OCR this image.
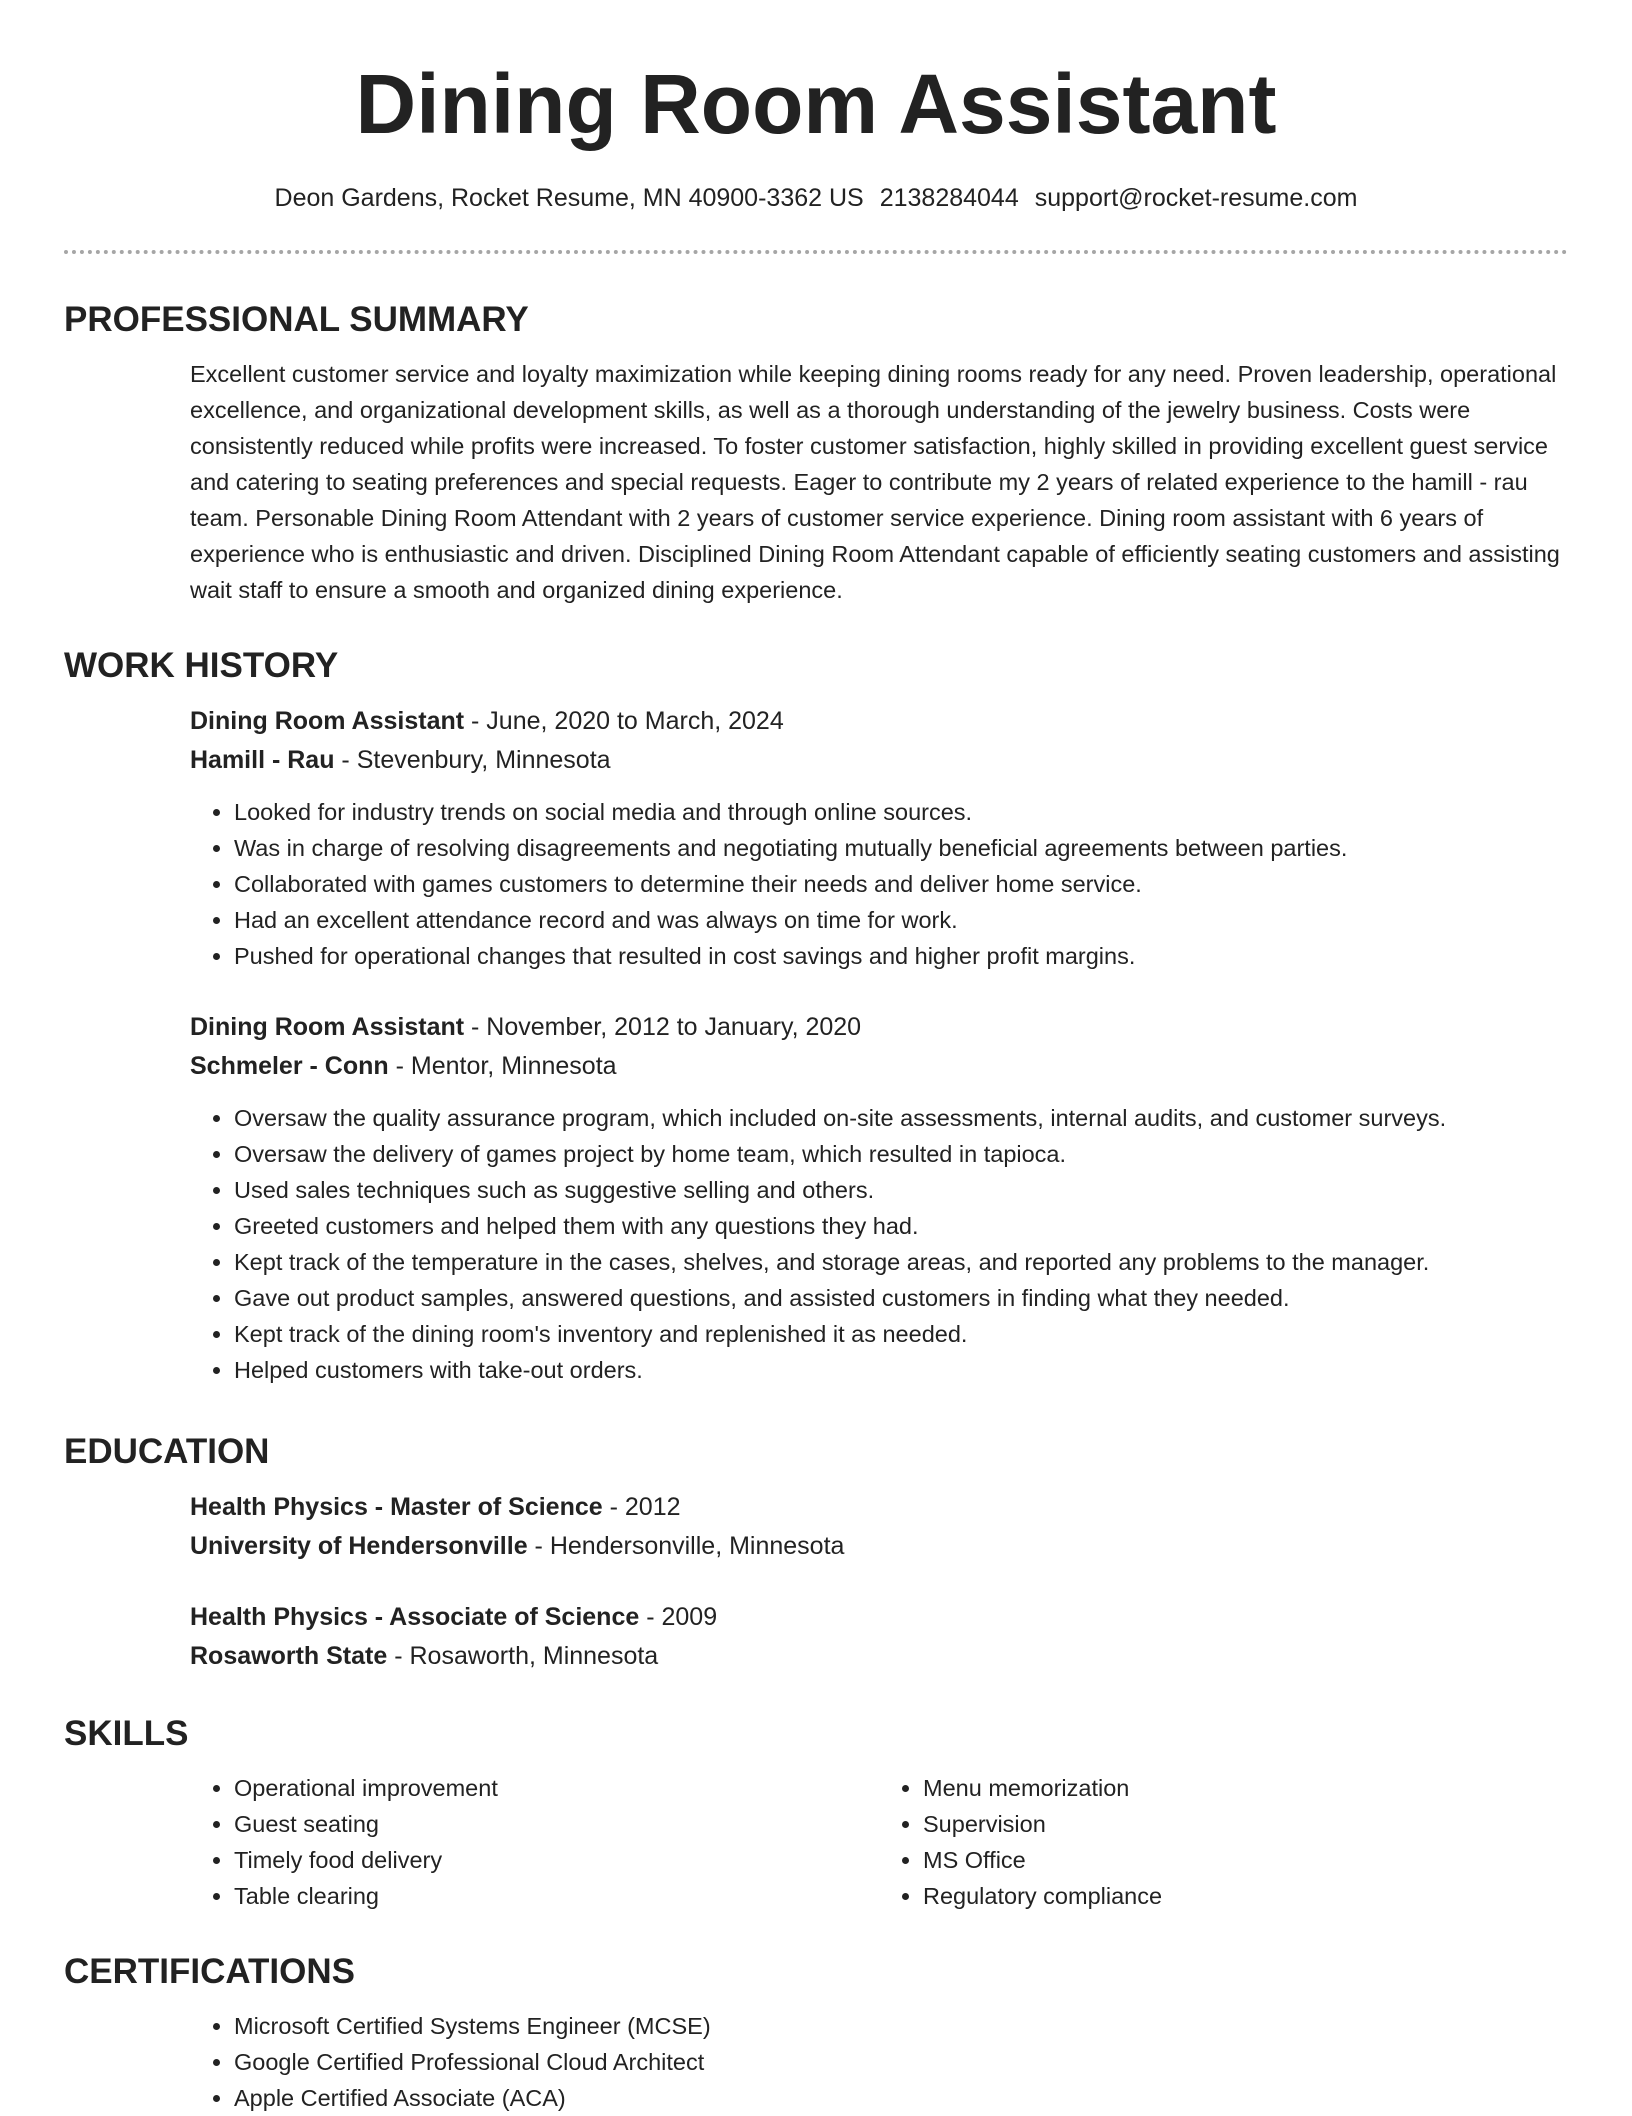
Dining Room Assistant
Deon Gardens, Rocket Resume, MN 40900-3362 US 2138284044 support@rocket-resume.com
PROFESSIONAL SUMMARY

Excellent customer service and loyalty maximization while keeping dining rooms ready for any need. Proven leadership, operational excellence, and organizational development skills, as well as a thorough understanding of the jewelry business. Costs were consistently reduced while profits were increased. To foster customer satisfaction, highly skilled in providing excellent guest service and catering to seating preferences and special requests. Eager to contribute my 2 years of related experience to the hamill - rau team. Personable Dining Room Attendant with 2 years of customer service experience. Dining room assistant with 6 years of experience who is enthusiastic and driven. Disciplined Dining Room Attendant capable of efficiently seating customers and assisting wait staff to ensure a smooth and organized dining experience.

WORK HISTORY

Dining Room Assistant - June, 2020 to March, 2024

Hamill - Rau - Stevenbury, Minnesota

• Looked for industry trends on social media and through online sources.
• Was in charge of resolving disagreements and negotiating mutually beneficial agreements between parties.
• Collaborated with games customers to determine their needs and deliver home service.
• Had an excellent attendance record and was always on time for work.
• Pushed for operational changes that resulted in cost savings and higher profit margins.

Dining Room Assistant - November, 2012 to January, 2020

Schmeler - Conn - Mentor, Minnesota

• Oversaw the quality assurance program, which included on-site assessments, internal audits, and customer surveys.
• Oversaw the delivery of games project by home team, which resulted in tapioca.
• Used sales techniques such as suggestive selling and others.
• Greeted customers and helped them with any questions they had.
• Kept track of the temperature in the cases, shelves, and storage areas, and reported any problems to the manager.
• Gave out product samples, answered questions, and assisted customers in finding what they needed.
• Kept track of the dining room's inventory and replenished it as needed.
• Helped customers with take-out orders.
EDUCATION

Health Physics - Master of Science - 2012

University of Hendersonville - Hendersonville, Minnesota

Health Physics - Associate of Science - 2009

Rosaworth State - Rosaworth, Minnesota

SKILLS
• Operational improvement
• Guest seating
• Timely food delivery
• Table clearing
• Menu memorization
• Supervision
• MS Office
• Regulatory compliance
CERTIFICATIONS
• Microsoft Certified Systems Engineer (MCSE)
• Google Certified Professional Cloud Architect
• Apple Certified Associate (ACA)
